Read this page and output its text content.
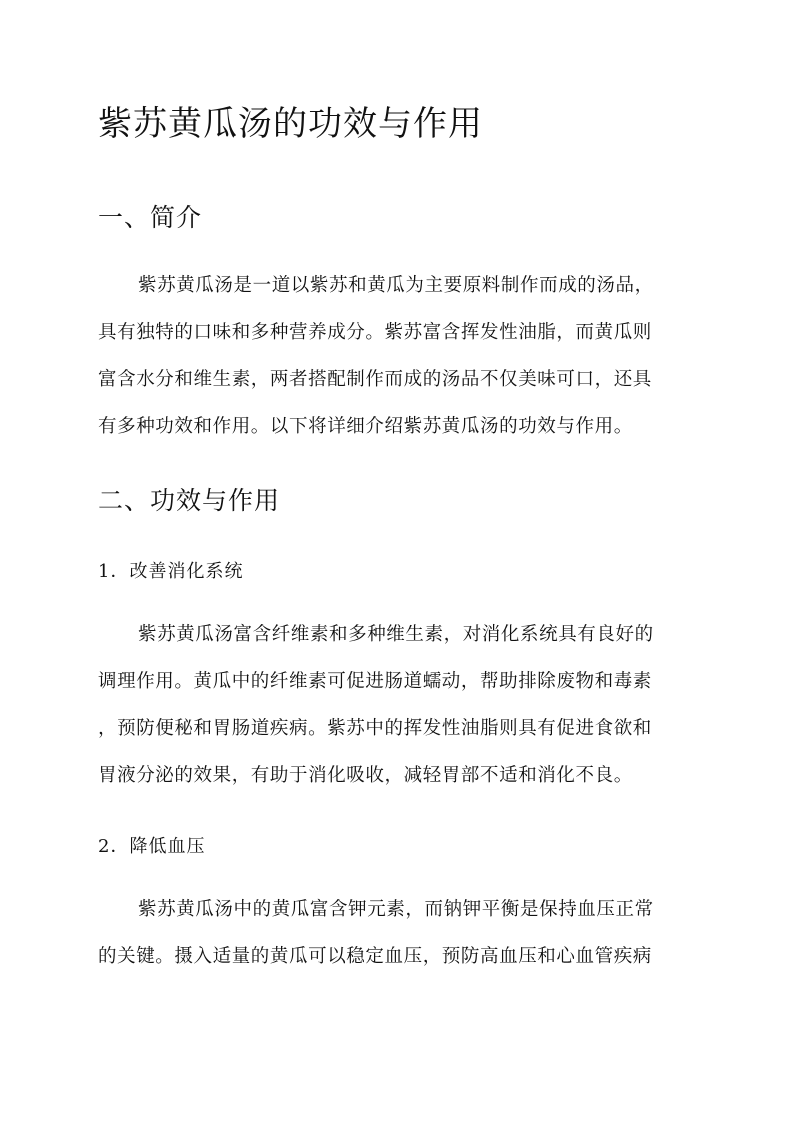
紫苏黄瓜汤的功效与作用
一、简介
紫苏黄瓜汤是一道以紫苏和黄瓜为主要原料制作而成的汤品，
具有独特的口味和多种营养成分。紫苏富含挥发性油脂，而黄瓜则
富含水分和维生素，两者搭配制作而成的汤品不仅美味可口，还具
有多种功效和作用。以下将详细介绍紫苏黄瓜汤的功效与作用。
二、功效与作用
1．改善消化系统
紫苏黄瓜汤富含纤维素和多种维生素，对消化系统具有良好的
调理作用。黄瓜中的纤维素可促进肠道蠕动，帮助排除废物和毒素
，预防便秘和胃肠道疾病。紫苏中的挥发性油脂则具有促进食欲和
胃液分泌的效果，有助于消化吸收，减轻胃部不适和消化不良。
2．降低血压
紫苏黄瓜汤中的黄瓜富含钾元素，而钠钾平衡是保持血压正常
的关键。摄入适量的黄瓜可以稳定血压，预防高血压和心血管疾病
